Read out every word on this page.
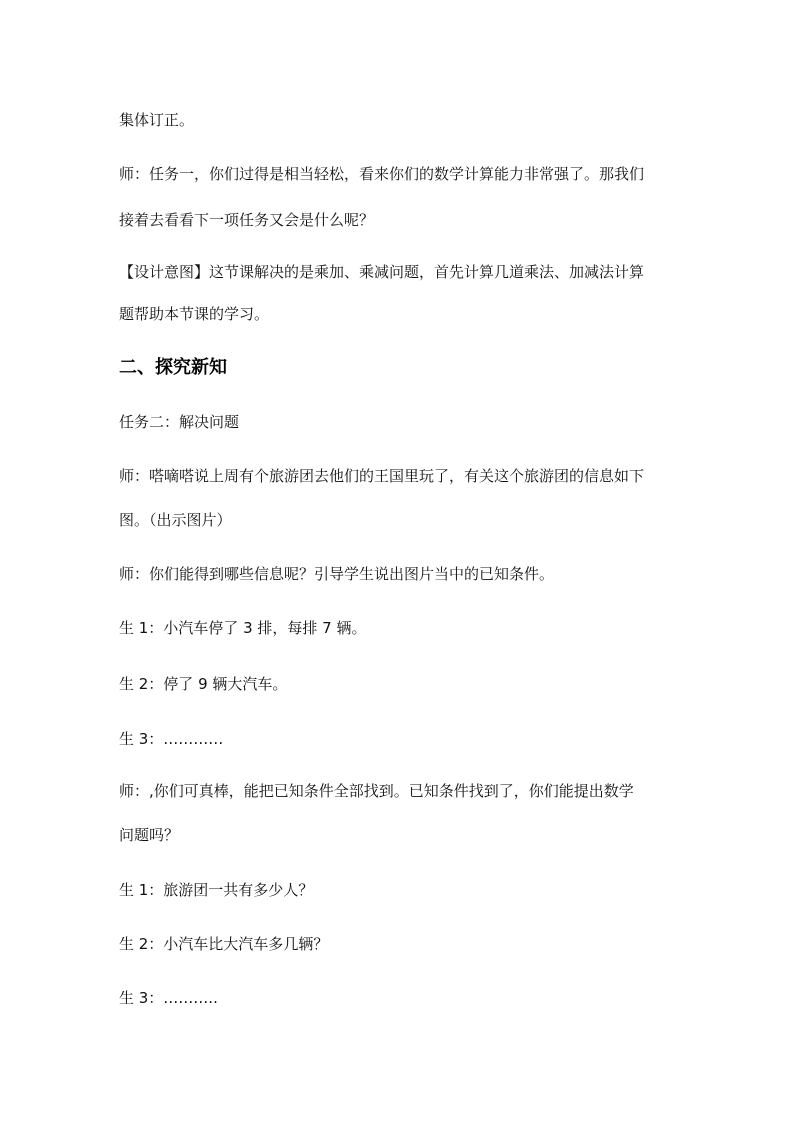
集体订正。
师：任务一，你们过得是相当轻松，看来你们的数学计算能力非常强了。那我们
接着去看看下一项任务又会是什么呢？
【设计意图】这节课解决的是乘加、乘减问题，首先计算几道乘法、加减法计算
题帮助本节课的学习。
二、探究新知
任务二：解决问题
师：嗒嘀嗒说上周有个旅游团去他们的王国里玩了，有关这个旅游团的信息如下
图。（出示图片）
师：你们能得到哪些信息呢？引导学生说出图片当中的已知条件。
生 1：小汽车停了 3 排，每排 7 辆。
生 2：停了 9 辆大汽车。
生 3：…………
师：,你们可真棒，能把已知条件全部找到。已知条件找到了，你们能提出数学
问题吗？
生 1：旅游团一共有多少人？
生 2：小汽车比大汽车多几辆？
生 3：………..
